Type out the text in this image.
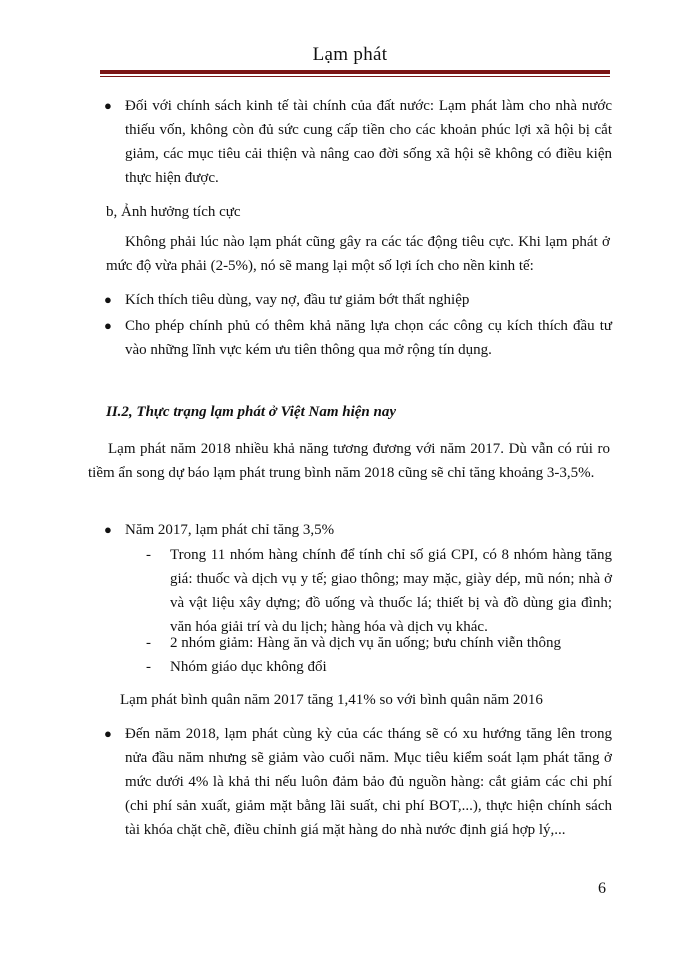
Lạm phát
● Đối với chính sách kinh tế tài chính của đất nước: Lạm phát làm cho nhà nước thiếu vốn, không còn đủ sức cung cấp tiền cho các khoản phúc lợi xã hội bị cắt giảm, các mục tiêu cải thiện và nâng cao đời sống xã hội sẽ không có điều kiện thực hiện được.
b, Ảnh hưởng tích cực
Không phải lúc nào lạm phát cũng gây ra các tác động tiêu cực. Khi lạm phát ở mức độ vừa phải (2-5%), nó sẽ mang lại một số lợi ích cho nền kinh tế:
● Kích thích tiêu dùng, vay nợ, đầu tư giảm bớt thất nghiệp
● Cho phép chính phủ có thêm khả năng lựa chọn các công cụ kích thích đầu tư vào những lĩnh vực kém ưu tiên thông qua mở rộng tín dụng.
II.2, Thực trạng lạm phát ở Việt Nam hiện nay
Lạm phát năm 2018 nhiều khả năng tương đương với năm 2017. Dù vẫn có rủi ro tiềm ẩn song dự báo lạm phát trung bình năm 2018 cũng sẽ chỉ tăng khoảng 3-3,5%.
● Năm 2017, lạm phát chỉ tăng 3,5%
- Trong 11 nhóm hàng chính để tính chỉ số giá CPI, có 8 nhóm hàng tăng giá: thuốc và dịch vụ y tế; giao thông; may mặc, giày dép, mũ nón; nhà ở và vật liệu xây dựng; đồ uống và thuốc lá; thiết bị và đồ dùng gia đình; văn hóa giải trí và du lịch; hàng hóa và dịch vụ khác.
- 2 nhóm giảm: Hàng ăn và dịch vụ ăn uống; bưu chính viễn thông
- Nhóm giáo dục không đổi
Lạm phát bình quân năm 2017 tăng 1,41% so với bình quân năm 2016
● Đến năm 2018, lạm phát cùng kỳ của các tháng sẽ có xu hướng tăng lên trong nửa đầu năm nhưng sẽ giảm vào cuối năm. Mục tiêu kiểm soát lạm phát tăng ở mức dưới 4% là khả thi nếu luôn đảm bảo đủ nguồn hàng: cắt giảm các chi phí (chi phí sản xuất, giảm mặt bằng lãi suất, chi phí BOT,...), thực hiện chính sách tài khóa chặt chẽ, điều chỉnh giá mặt hàng do nhà nước định giá hợp lý,...
6
